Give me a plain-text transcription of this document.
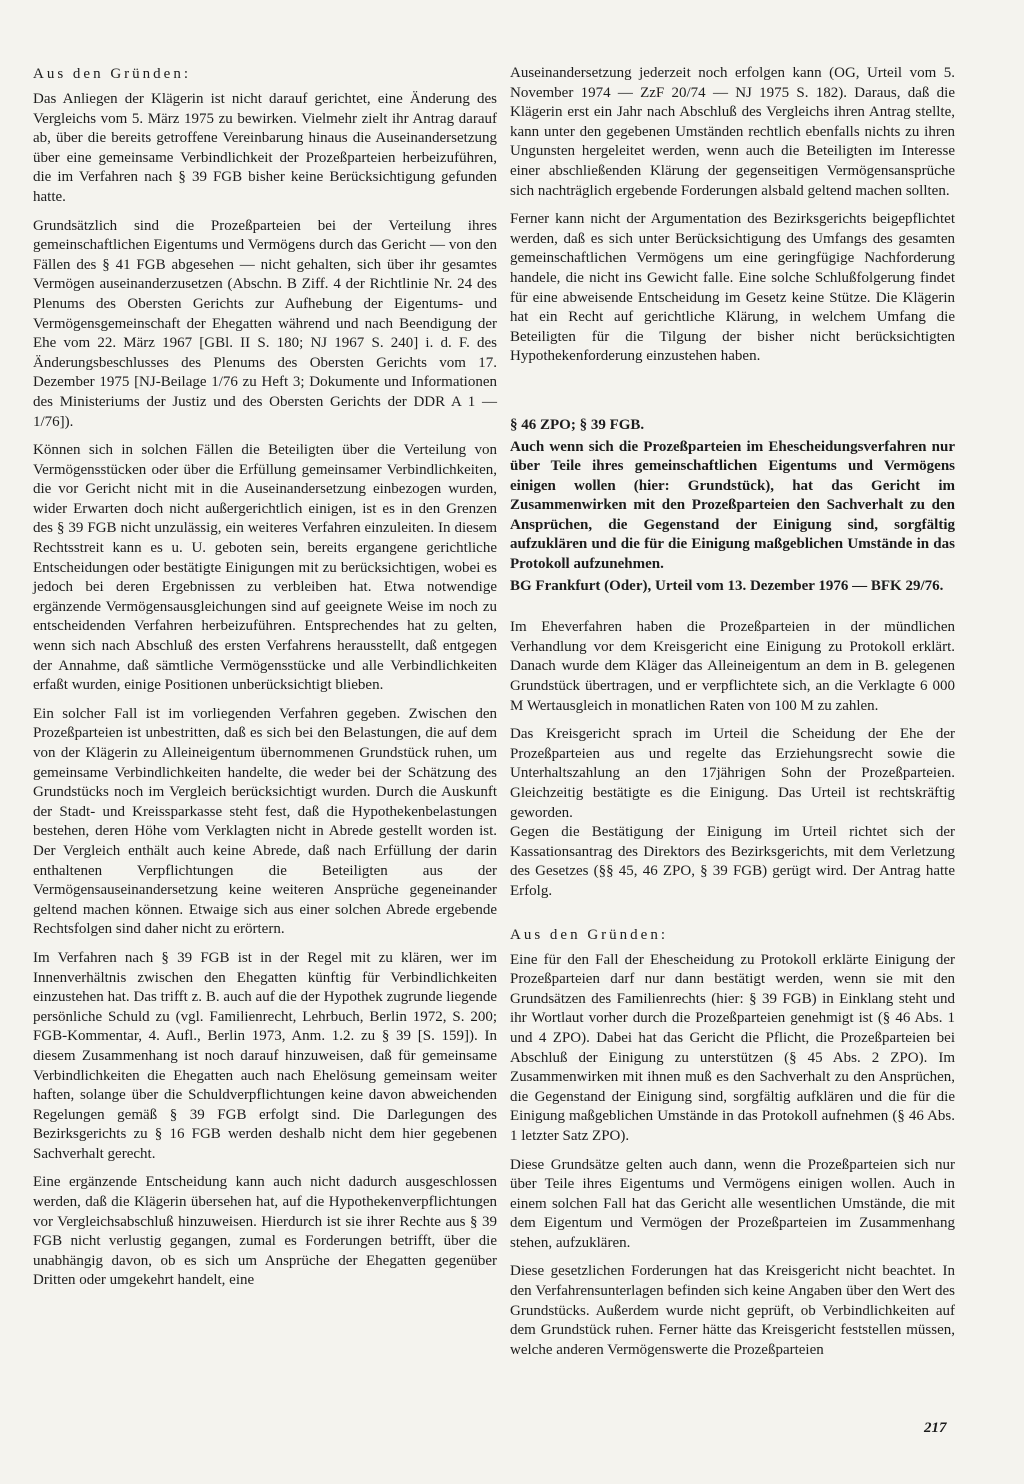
Aus den Gründen:

Das Anliegen der Klägerin ist nicht darauf gerichtet, eine Änderung des Vergleichs vom 5. März 1975 zu bewirken. Vielmehr zielt ihr Antrag darauf ab, über die bereits getroffene Vereinbarung hinaus die Auseinandersetzung über eine gemeinsame Verbindlichkeit der Prozeßparteien herbeizuführen, die im Verfahren nach § 39 FGB bisher keine Berücksichtigung gefunden hatte.

Grundsätzlich sind die Prozeßparteien bei der Verteilung ihres gemeinschaftlichen Eigentums und Vermögens durch das Gericht — von den Fällen des § 41 FGB abgesehen — nicht gehalten, sich über ihr gesamtes Vermögen auseinanderzusetzen (Abschn. B Ziff. 4 der Richtlinie Nr. 24 des Plenums des Obersten Gerichts zur Aufhebung der Eigentums- und Vermögensgemeinschaft der Ehegatten während und nach Beendigung der Ehe vom 22. März 1967 [GBl. II S. 180; NJ 1967 S. 240] i. d. F. des Änderungsbeschlusses des Plenums des Obersten Gerichts vom 17. Dezember 1975 [NJ-Beilage 1/76 zu Heft 3; Dokumente und Informationen des Ministeriums der Justiz und des Obersten Gerichts der DDR A 1 — 1/76]).

Können sich in solchen Fällen die Beteiligten über die Verteilung von Vermögensstücken oder über die Erfüllung gemeinsamer Verbindlichkeiten, die vor Gericht nicht mit in die Auseinandersetzung einbezogen wurden, wider Erwarten doch nicht außergerichtlich einigen, ist es in den Grenzen des § 39 FGB nicht unzulässig, ein weiteres Verfahren einzuleiten. In diesem Rechtsstreit kann es u. U. geboten sein, bereits ergangene gerichtliche Entscheidungen oder bestätigte Einigungen mit zu berücksichtigen, wobei es jedoch bei deren Ergebnissen zu verbleiben hat. Etwa notwendige ergänzende Vermögensausgleichungen sind auf geeignete Weise im noch zu entscheidenden Verfahren herbeizuführen. Entsprechendes hat zu gelten, wenn sich nach Abschluß des ersten Verfahrens herausstellt, daß entgegen der Annahme, daß sämtliche Vermögensstücke und alle Verbindlichkeiten erfaßt wurden, einige Positionen unberücksichtigt blieben.

Ein solcher Fall ist im vorliegenden Verfahren gegeben. Zwischen den Prozeßparteien ist unbestritten, daß es sich bei den Belastungen, die auf dem von der Klägerin zu Alleineigentum übernommenen Grundstück ruhen, um gemeinsame Verbindlichkeiten handelte, die weder bei der Schätzung des Grundstücks noch im Vergleich berücksichtigt wurden. Durch die Auskunft der Stadt- und Kreissparkasse steht fest, daß die Hypothekenbelastungen bestehen, deren Höhe vom Verklagten nicht in Abrede gestellt worden ist. Der Vergleich enthält auch keine Abrede, daß nach Erfüllung der darin enthaltenen Verpflichtungen die Beteiligten aus der Vermögensauseinandersetzung keine weiteren Ansprüche gegeneinander geltend machen können. Etwaige sich aus einer solchen Abrede ergebende Rechtsfolgen sind daher nicht zu erörtern.

Im Verfahren nach § 39 FGB ist in der Regel mit zu klären, wer im Innenverhältnis zwischen den Ehegatten künftig für Verbindlichkeiten einzustehen hat. Das trifft z. B. auch auf die der Hypothek zugrunde liegende persönliche Schuld zu (vgl. Familienrecht, Lehrbuch, Berlin 1972, S. 200; FGB-Kommentar, 4. Aufl., Berlin 1973, Anm. 1.2. zu § 39 [S. 159]). In diesem Zusammenhang ist noch darauf hinzuweisen, daß für gemeinsame Verbindlichkeiten die Ehegatten auch nach Ehelösung gemeinsam weiter haften, solange über die Schuldverpflichtungen keine davon abweichenden Regelungen gemäß § 39 FGB erfolgt sind. Die Darlegungen des Bezirksgerichts zu § 16 FGB werden deshalb nicht dem hier gegebenen Sachverhalt gerecht.

Eine ergänzende Entscheidung kann auch nicht dadurch ausgeschlossen werden, daß die Klägerin übersehen hat, auf die Hypothekenverpflichtungen vor Vergleichsabschluß hinzuweisen. Hierdurch ist sie ihrer Rechte aus § 39 FGB nicht verlustig gegangen, zumal es Forderungen betrifft, über die unabhängig davon, ob es sich um Ansprüche der Ehegatten gegenüber Dritten oder umgekehrt handelt, eine

Auseinandersetzung jederzeit noch erfolgen kann (OG, Urteil vom 5. November 1974 — ZzF 20/74 — NJ 1975 S. 182). Daraus, daß die Klägerin erst ein Jahr nach Abschluß des Vergleichs ihren Antrag stellte, kann unter den gegebenen Umständen rechtlich ebenfalls nichts zu ihren Ungunsten hergeleitet werden, wenn auch die Beteiligten im Interesse einer abschließenden Klärung der gegenseitigen Vermögensansprüche sich nachträglich ergebende Forderungen alsbald geltend machen sollten.

Ferner kann nicht der Argumentation des Bezirksgerichts beigepflichtet werden, daß es sich unter Berücksichtigung des Umfangs des gesamten gemeinschaftlichen Vermögens um eine geringfügige Nachforderung handele, die nicht ins Gewicht falle. Eine solche Schlußfolgerung findet für eine abweisende Entscheidung im Gesetz keine Stütze. Die Klägerin hat ein Recht auf gerichtliche Klärung, in welchem Umfang die Beteiligten für die Tilgung der bisher nicht berücksichtigten Hypothekenforderung einzustehen haben.

§ 46 ZPO; § 39 FGB.

Auch wenn sich die Prozeßparteien im Ehescheidungsverfahren nur über Teile ihres gemeinschaftlichen Eigentums und Vermögens einigen wollen (hier: Grundstück), hat das Gericht im Zusammenwirken mit den Prozeßparteien den Sachverhalt zu den Ansprüchen, die Gegenstand der Einigung sind, sorgfältig aufzuklären und die für die Einigung maßgeblichen Umstände in das Protokoll aufzunehmen.

BG Frankfurt (Oder), Urteil vom 13. Dezember 1976 — BFK 29/76.

Im Eheverfahren haben die Prozeßparteien in der mündlichen Verhandlung vor dem Kreisgericht eine Einigung zu Protokoll erklärt. Danach wurde dem Kläger das Alleineigentum an dem in B. gelegenen Grundstück übertragen, und er verpflichtete sich, an die Verklagte 6 000 M Wertausgleich in monatlichen Raten von 100 M zu zahlen.

Das Kreisgericht sprach im Urteil die Scheidung der Ehe der Prozeßparteien aus und regelte das Erziehungsrecht sowie die Unterhaltszahlung an den 17jährigen Sohn der Prozeßparteien. Gleichzeitig bestätigte es die Einigung. Das Urteil ist rechtskräftig geworden.

Gegen die Bestätigung der Einigung im Urteil richtet sich der Kassationsantrag des Direktors des Bezirksgerichts, mit dem Verletzung des Gesetzes (§§ 45, 46 ZPO, § 39 FGB) gerügt wird. Der Antrag hatte Erfolg.

Aus den Gründen:

Eine für den Fall der Ehescheidung zu Protokoll erklärte Einigung der Prozeßparteien darf nur dann bestätigt werden, wenn sie mit den Grundsätzen des Familienrechts (hier: § 39 FGB) in Einklang steht und ihr Wortlaut vorher durch die Prozeßparteien genehmigt ist (§ 46 Abs. 1 und 4 ZPO). Dabei hat das Gericht die Pflicht, die Prozeßparteien bei Abschluß der Einigung zu unterstützen (§ 45 Abs. 2 ZPO). Im Zusammenwirken mit ihnen muß es den Sachverhalt zu den Ansprüchen, die Gegenstand der Einigung sind, sorgfältig aufklären und die für die Einigung maßgeblichen Umstände in das Protokoll aufnehmen (§ 46 Abs. 1 letzter Satz ZPO).

Diese Grundsätze gelten auch dann, wenn die Prozeßparteien sich nur über Teile ihres Eigentums und Vermögens einigen wollen. Auch in einem solchen Fall hat das Gericht alle wesentlichen Umstände, die mit dem Eigentum und Vermögen der Prozeßparteien im Zusammenhang stehen, aufzuklären.

Diese gesetzlichen Forderungen hat das Kreisgericht nicht beachtet. In den Verfahrensunterlagen befinden sich keine Angaben über den Wert des Grundstücks. Außerdem wurde nicht geprüft, ob Verbindlichkeiten auf dem Grundstück ruhen. Ferner hätte das Kreisgericht feststellen müssen, welche anderen Vermögenswerte die Prozeßparteien

217
